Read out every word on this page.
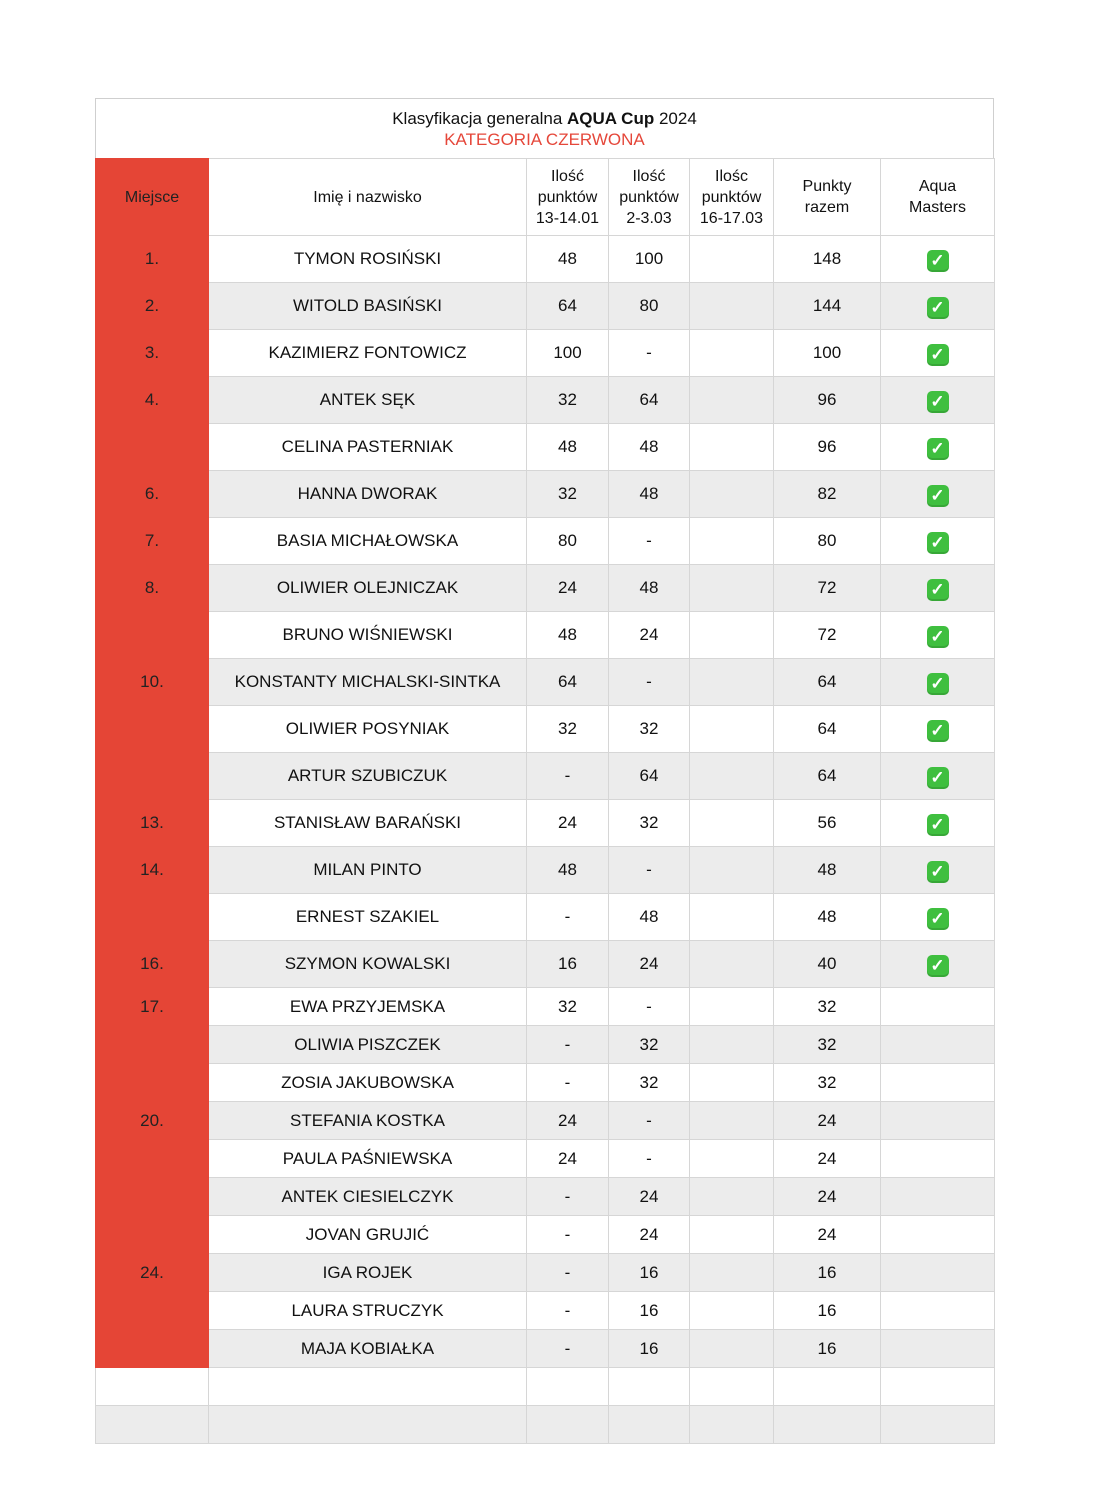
Klasyfikacja generalna AQUA Cup 2024
KATEGORIA CZERWONA
Miejsce	Imię i nazwisko	Ilość
punktów
13-14.01	Ilość
punktów
2-3.03	Ilośc
punktów
16-17.03	Punkty
razem	Aqua
Masters
1.	TYMON ROSIŃSKI	48	100		148	✓
2.	WITOLD BASIŃSKI	64	80		144	✓
3.	KAZIMIERZ FONTOWICZ	100	-		100	✓
4.	ANTEK SĘK	32	64		96	✓
	CELINA PASTERNIAK	48	48		96	✓
6.	HANNA DWORAK	32	48		82	✓
7.	BASIA MICHAŁOWSKA	80	-		80	✓
8.	OLIWIER OLEJNICZAK	24	48		72	✓
	BRUNO WIŚNIEWSKI	48	24		72	✓
10.	KONSTANTY MICHALSKI-SINTKA	64	-		64	✓
	OLIWIER POSYNIAK	32	32		64	✓
	ARTUR SZUBICZUK	-	64		64	✓
13.	STANISŁAW BARAŃSKI	24	32		56	✓
14.	MILAN PINTO	48	-		48	✓
	ERNEST SZAKIEL	-	48		48	✓
16.	SZYMON KOWALSKI	16	24		40	✓
17.	EWA PRZYJEMSKA	32	-		32	
	OLIWIA PISZCZEK	-	32		32	
	ZOSIA JAKUBOWSKA	-	32		32	
20.	STEFANIA KOSTKA	24	-		24	
	PAULA PAŚNIEWSKA	24	-		24	
	ANTEK CIESIELCZYK	-	24		24	
	JOVAN GRUJIĆ	-	24		24	
24.	IGA ROJEK	-	16		16	
	LAURA STRUCZYK	-	16		16	
	MAJA KOBIAŁKA	-	16		16	
